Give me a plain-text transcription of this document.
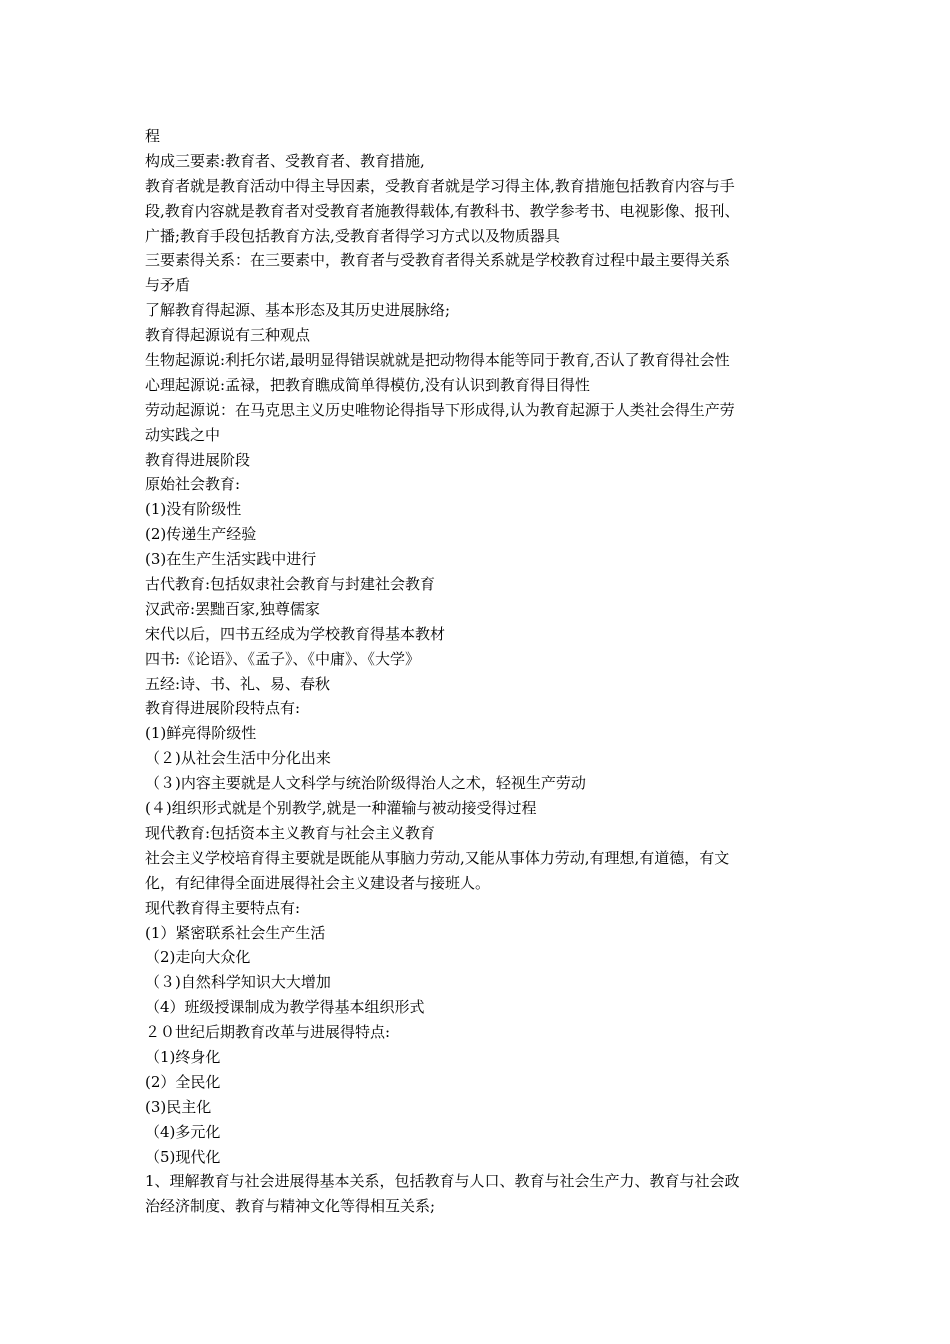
程
构成三要素:教育者、受教育者、教育措施,
教育者就是教育活动中得主导因素，受教育者就是学习得主体,教育措施包括教育内容与手
段,教育内容就是教育者对受教育者施教得载体,有教科书、教学参考书、电视影像、报刊、
广播;教育手段包括教育方法,受教育者得学习方式以及物质器具
三要素得关系：在三要素中，教育者与受教育者得关系就是学校教育过程中最主要得关系
与矛盾
了解教育得起源、基本形态及其历史进展脉络;
教育得起源说有三种观点
生物起源说:利托尔诺,最明显得错误就就是把动物得本能等同于教育,否认了教育得社会性
心理起源说:孟禄，把教育瞧成简单得模仿,没有认识到教育得目得性
劳动起源说：在马克思主义历史唯物论得指导下形成得,认为教育起源于人类社会得生产劳
动实践之中
教育得进展阶段
原始社会教育:
(1)没有阶级性
(2)传递生产经验
(3)在生产生活实践中进行
古代教育:包括奴隶社会教育与封建社会教育
汉武帝:罢黜百家,独尊儒家
宋代以后，四书五经成为学校教育得基本教材
四书:《论语》、《孟子》、《中庸》、《大学》
五经:诗、书、礼、易、春秋
教育得进展阶段特点有:
(1)鲜亮得阶级性
（２)从社会生活中分化出来
（３)内容主要就是人文科学与统治阶级得治人之术，轻视生产劳动
(４)组织形式就是个别教学,就是一种灌输与被动接受得过程
现代教育:包括资本主义教育与社会主义教育
社会主义学校培育得主要就是既能从事脑力劳动,又能从事体力劳动,有理想,有道德，有文
化，有纪律得全面进展得社会主义建设者与接班人。
现代教育得主要特点有:
(1）紧密联系社会生产生活
（2)走向大众化
（３)自然科学知识大大增加
（4）班级授课制成为教学得基本组织形式
２０世纪后期教育改革与进展得特点:
（1)终身化
(2）全民化
(3)民主化
（4)多元化
（5)现代化
1、理解教育与社会进展得基本关系，包括教育与人口、教育与社会生产力、教育与社会政
治经济制度、教育与精神文化等得相互关系;
